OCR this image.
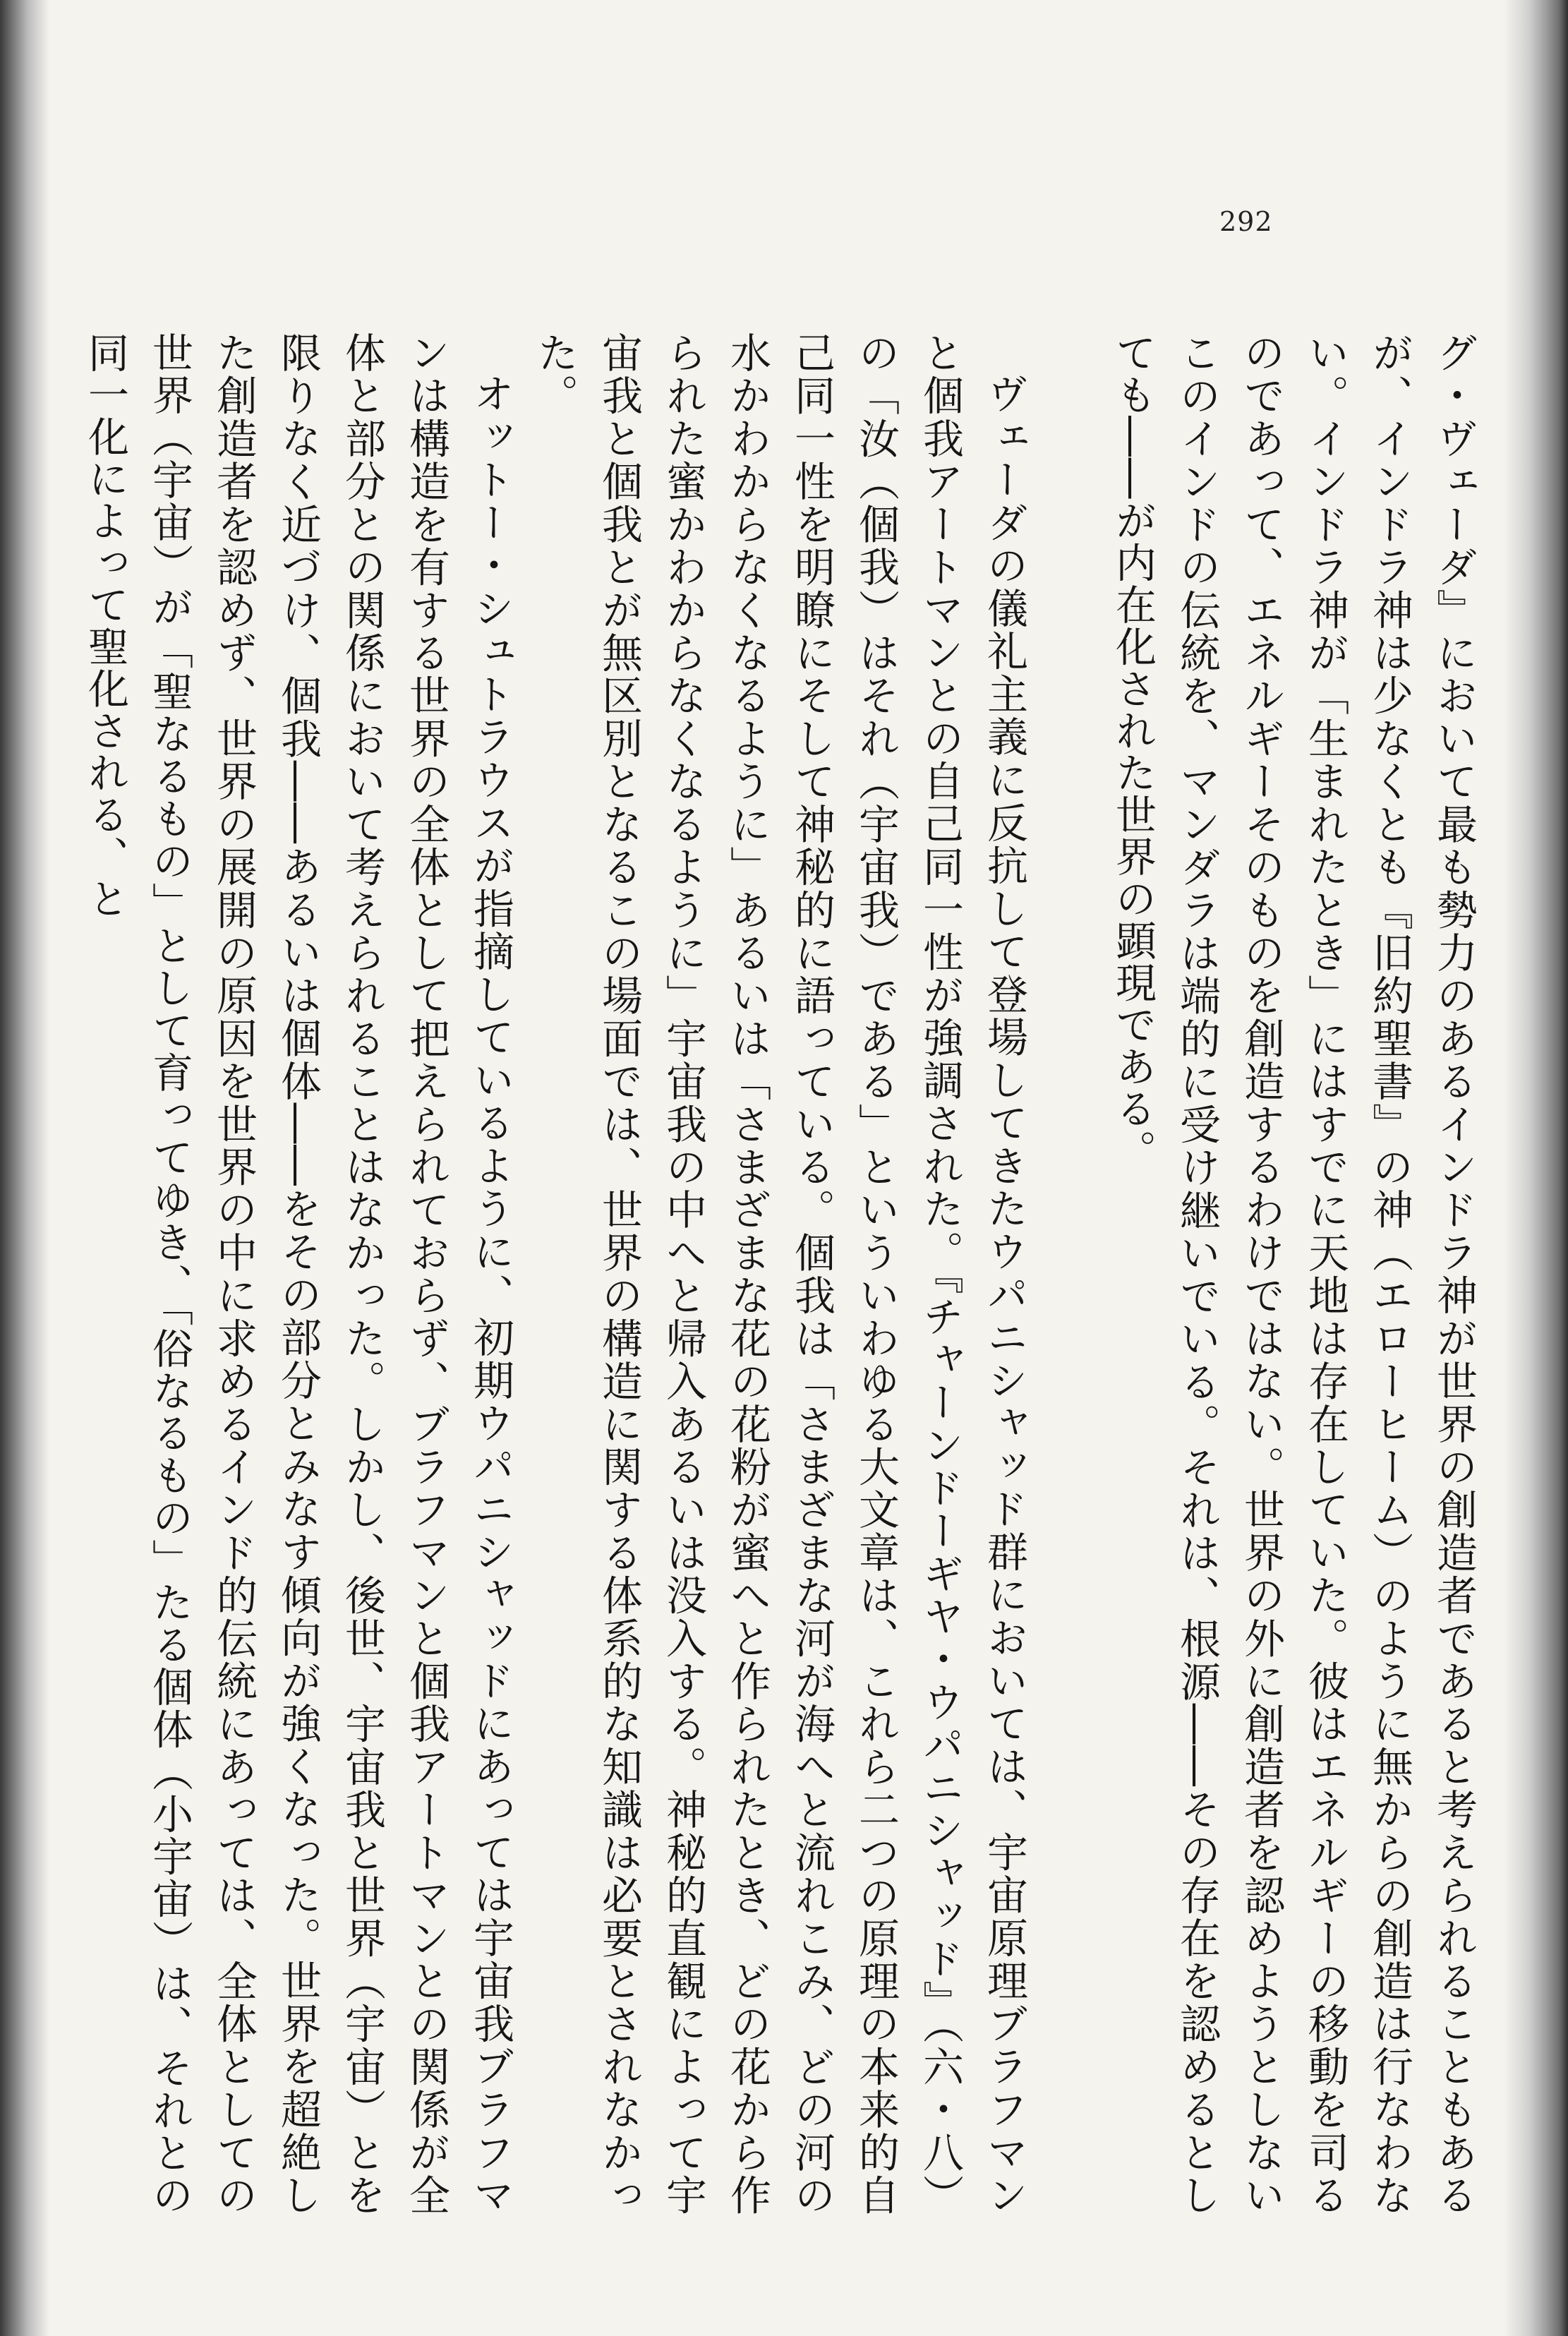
292

グ・ヴェーダ』において最も勢力のあるインドラ神が世界の創造者であると考えられることもあるが、インドラ神は少なくとも『旧約聖書』の神（エローヒーム）のように無からの創造は行なわない。インドラ神が「生まれたとき」にはすでに天地は存在していた。彼はエネルギーの移動を司るのであって、エネルギーそのものを創造するわけではない。世界の外に創造者を認めようとしないこのインドの伝統を、マンダラは端的に受け継いでいる。それは、根源――その存在を認めるとしても――が内在化された世界の顕現である。

ヴェーダの儀礼主義に反抗して登場してきたウパニシャッド群においては、宇宙原理ブラフマンと個我アートマンとの自己同一性が強調された。『チャーンドーギヤ・ウパニシャッド』（六・八）の「汝（個我）はそれ（宇宙我）である」といういわゆる大文章は、これら二つの原理の本来的自己同一性を明瞭にそして神秘的に語っている。個我は「さまざまな河が海へと流れこみ、どの河の水かわからなくなるように」あるいは「さまざまな花の花粉が蜜へと作られたとき、どの花から作られた蜜かわからなくなるように」宇宙我の中へと帰入あるいは没入する。神秘的直観によって宇宙我と個我とが無区別となるこの場面では、世界の構造に関する体系的な知識は必要とされなかった。

オットー・シュトラウスが指摘しているように、初期ウパニシャッドにあっては宇宙我ブラフマンは構造を有する世界の全体として把えられておらず、ブラフマンと個我アートマンとの関係が全体と部分との関係において考えられることはなかった。しかし、後世、宇宙我と世界（宇宙）とを限りなく近づけ、個我――あるいは個体――をその部分とみなす傾向が強くなった。世界を超絶した創造者を認めず、世界の展開の原因を世界の中に求めるインド的伝統にあっては、全体としての世界（宇宙）が「聖なるもの」として育ってゆき、「俗なるもの」たる個体（小宇宙）は、それとの同一化によって聖化される、と
